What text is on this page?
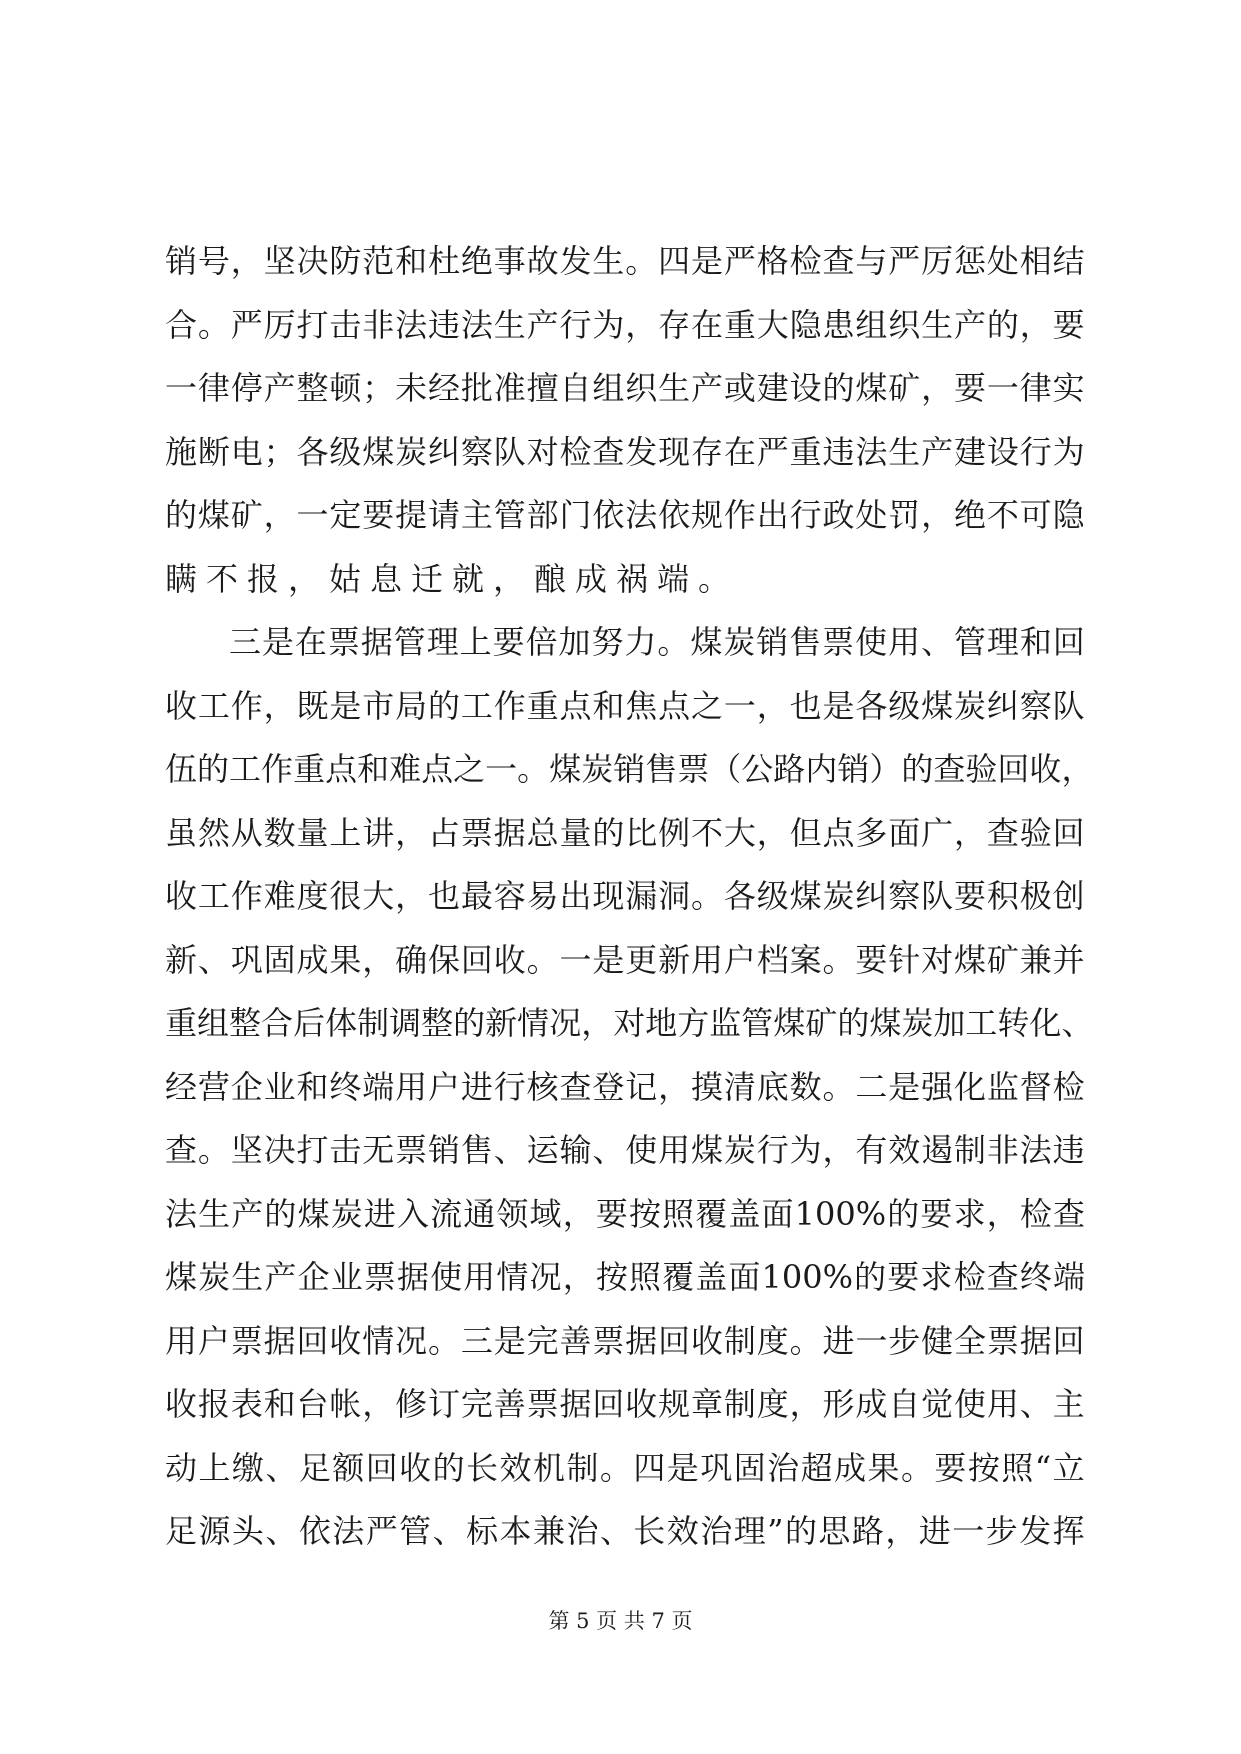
销 号 ， 坚 决 防 范 和 杜 绝 事 故 发 生 。 四 是 严 格 检 查 与 严 厉 惩 处 相 结
合 。 严 厉 打 击 非 法 违 法 生 产 行 为 ， 存 在 重 大 隐 患 组 织 生 产 的 ， 要
一 律 停 产 整 顿 ； 未 经 批 准 擅 自 组 织 生 产 或 建 设 的 煤 矿 ， 要 一 律 实
施 断 电 ； 各 级 煤 炭 纠 察 队 对 检 查 发 现 存 在 严 重 违 法 生 产 建 设 行 为
的 煤 矿 ， 一 定 要 提 请 主 管 部 门 依 法 依 规 作 出 行 政 处 罚 ， 绝 不 可 隐
瞒不报，姑息迁就，酿成祸端。
三 是 在 票 据 管 理 上 要 倍 加 努 力 。 煤 炭 销 售 票 使 用 、 管 理 和 回
收 工 作 ， 既 是 市 局 的 工 作 重 点 和 焦 点 之 一 ， 也 是 各 级 煤 炭 纠 察 队
伍 的 工 作 重 点 和 难 点 之 一 。 煤 炭 销 售 票 （ 公 路 内 销 ） 的 查 验 回 收 ，
虽 然 从 数 量 上 讲 ， 占 票 据 总 量 的 比 例 不 大 ， 但 点 多 面 广 ， 查 验 回
收 工 作 难 度 很 大 ， 也 最 容 易 出 现 漏 洞 。 各 级 煤 炭 纠 察 队 要 积 极 创
新 、 巩 固 成 果 ， 确 保 回 收 。 一 是 更 新 用 户 档 案 。 要 针 对 煤 矿 兼 并
重 组 整 合 后 体 制 调 整 的 新 情 况 ， 对 地 方 监 管 煤 矿 的 煤 炭 加 工 转 化 、
经 营 企 业 和 终 端 用 户 进 行 核 查 登 记 ， 摸 清 底 数 。 二 是 强 化 监 督 检
查 。 坚 决 打 击 无 票 销 售 、 运 输 、 使 用 煤 炭 行 为 ， 有 效 遏 制 非 法 违
法 生 产 的 煤 炭 进 入 流 通 领 域 ， 要 按 照 覆 盖 面 100% 的 要 求 ， 检 查
煤 炭 生 产 企 业 票 据 使 用 情 况 ， 按 照 覆 盖 面 100% 的 要 求 检 查 终 端
用 户 票 据 回 收 情 况 。 三 是 完 善 票 据 回 收 制 度 。 进 一 步 健 全 票 据 回
收 报 表 和 台 帐 ， 修 订 完 善 票 据 回 收 规 章 制 度 ， 形 成 自 觉 使 用 、 主
动 上 缴 、 足 额 回 收 的 长 效 机 制 。 四 是 巩 固 治 超 成 果 。 要 按 照 “ 立
足 源 头 、 依 法 严 管 、 标 本 兼 治 、 长 效 治 理 ” 的 思 路 ， 进 一 步 发 挥
第 5 页 共 7 页
